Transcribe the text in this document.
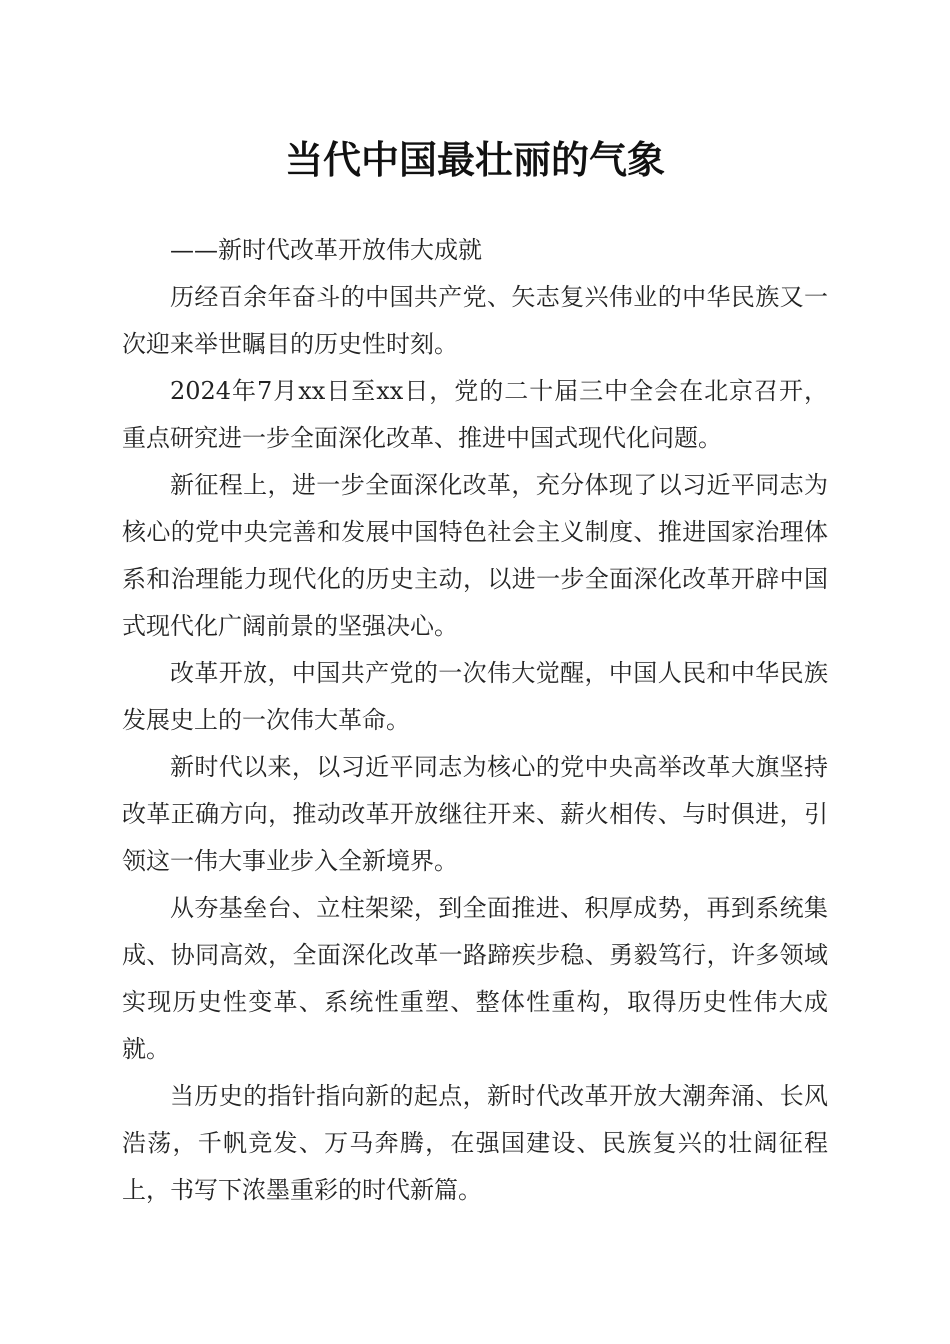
当代中国最壮丽的气象

——新时代改革开放伟大成就

历经百余年奋斗的中国共产党、矢志复兴伟业的中华民族又一次迎来举世瞩目的历史性时刻。

2024年7月xx日至xx日，党的二十届三中全会在北京召开，重点研究进一步全面深化改革、推进中国式现代化问题。

新征程上，进一步全面深化改革，充分体现了以习近平同志为核心的党中央完善和发展中国特色社会主义制度、推进国家治理体系和治理能力现代化的历史主动，以进一步全面深化改革开辟中国式现代化广阔前景的坚强决心。

改革开放，中国共产党的一次伟大觉醒，中国人民和中华民族发展史上的一次伟大革命。

新时代以来，以习近平同志为核心的党中央高举改革大旗坚持改革正确方向，推动改革开放继往开来、薪火相传、与时俱进，引领这一伟大事业步入全新境界。

从夯基垒台、立柱架梁，到全面推进、积厚成势，再到系统集成、协同高效，全面深化改革一路蹄疾步稳、勇毅笃行，许多领域实现历史性变革、系统性重塑、整体性重构，取得历史性伟大成就。

当历史的指针指向新的起点，新时代改革开放大潮奔涌、长风浩荡，千帆竞发、万马奔腾，在强国建设、民族复兴的壮阔征程上，书写下浓墨重彩的时代新篇。
